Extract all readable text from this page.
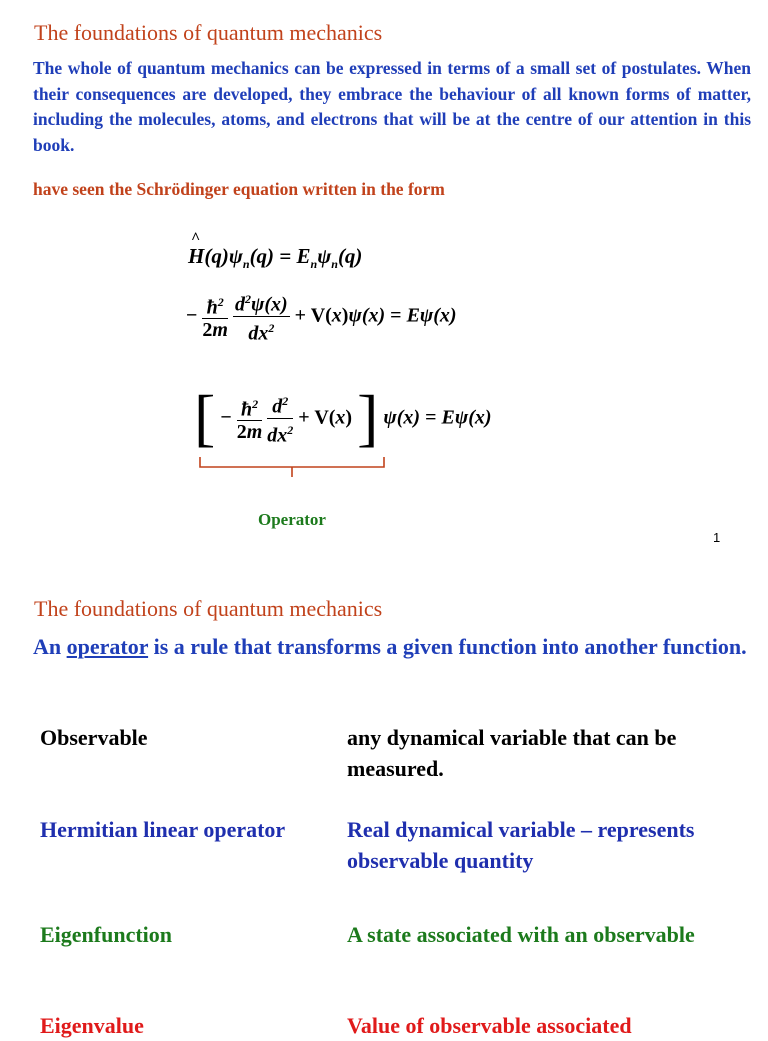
The foundations of quantum mechanics

The whole of quantum mechanics can be expressed in terms of a small set of postulates. When their consequences are developed, they embrace the behaviour of all known forms of matter, including the molecules, atoms, and electrons that will be at the centre of our attention in this book.

have seen the Schrödinger equation written in the form
H
^
$(q)\psi_n(q) = E_n\psi_n(q)$
− $\frac{ħ^2}{2m}$
$\frac{d^2\psi(x)}{dx^2} + V(x)\psi(x) = E\psi(x)$
[ − $\frac{ħ^2}{2m}$
$\frac{d^2}{dx^2} + V(x)$ ] ψ(x) = Eψ(x)
Operator
1
The foundations of quantum mechanics

An operator is a rule that transforms a given function into another function.

Observable	any dynamical variable that can be measured.
Hermitian linear operator	Real dynamical variable – represents observable quantity
Eigenfunction	A state associated with an observable
Eigenvalue	Value of observable associated
